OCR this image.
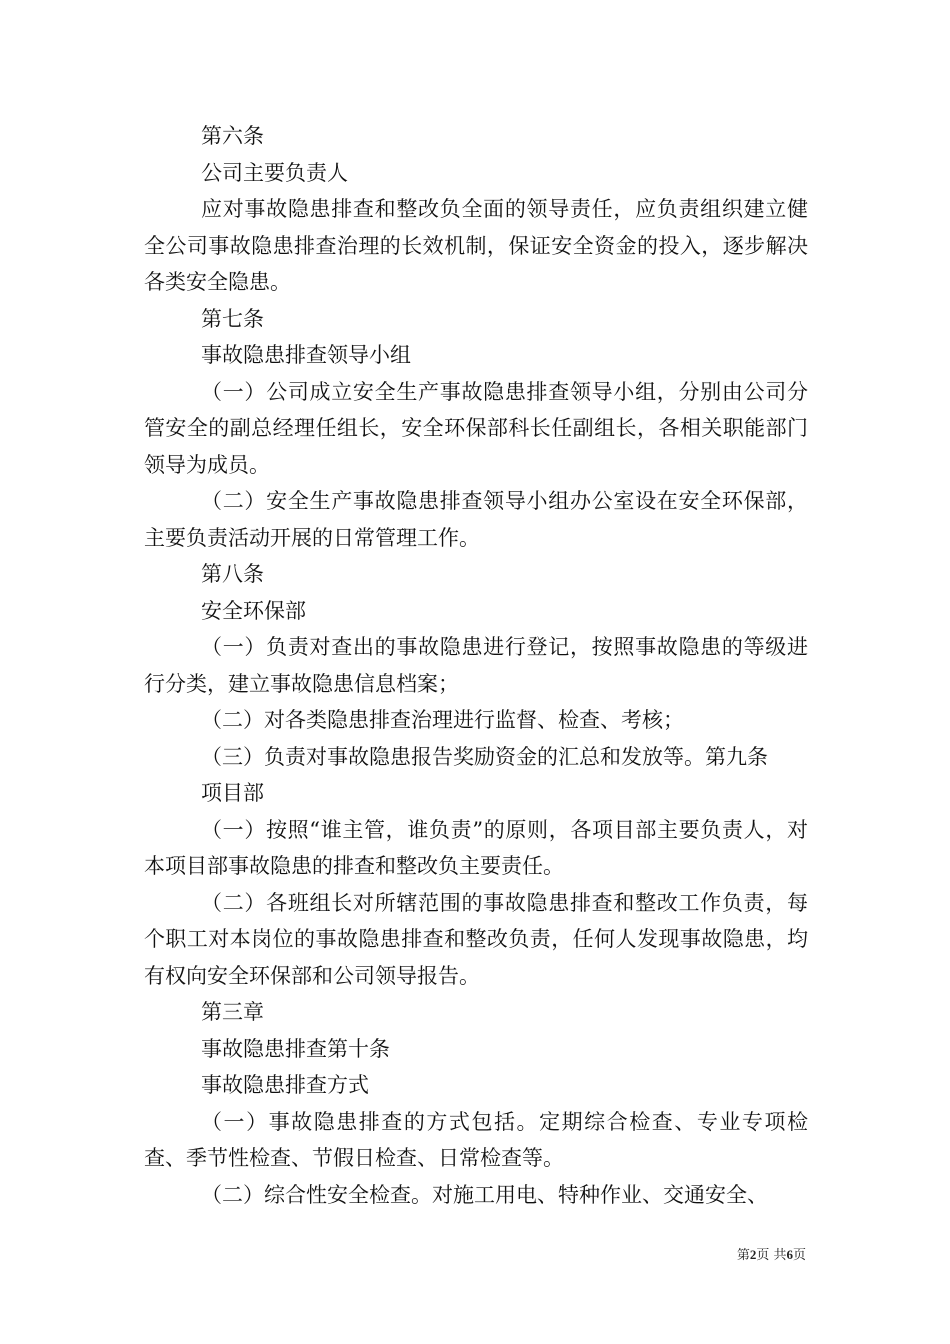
第六条

公司主要负责人

应对事故隐患排查和整改负全面的领导责任，应负责组织建立健全公司事故隐患排查治理的长效机制，保证安全资金的投入，逐步解决各类安全隐患。

第七条

事故隐患排查领导小组

（一）公司成立安全生产事故隐患排查领导小组，分别由公司分管安全的副总经理任组长，安全环保部科长任副组长，各相关职能部门领导为成员。

（二）安全生产事故隐患排查领导小组办公室设在安全环保部，主要负责活动开展的日常管理工作。

第八条

安全环保部

（一）负责对查出的事故隐患进行登记，按照事故隐患的等级进行分类，建立事故隐患信息档案；

（二）对各类隐患排查治理进行监督、检查、考核；

（三）负责对事故隐患报告奖励资金的汇总和发放等。第九条

项目部

（一）按照“谁主管，谁负责”的原则，各项目部主要负责人，对本项目部事故隐患的排查和整改负主要责任。

（二）各班组长对所辖范围的事故隐患排查和整改工作负责，每个职工对本岗位的事故隐患排查和整改负责，任何人发现事故隐患，均有权向安全环保部和公司领导报告。

第三章

事故隐患排查第十条

事故隐患排查方式

（一）事故隐患排查的方式包括。定期综合检查、专业专项检查、季节性检查、节假日检查、日常检查等。

（二）综合性安全检查。对施工用电、特种作业、交通安全、

第2页 共6页
